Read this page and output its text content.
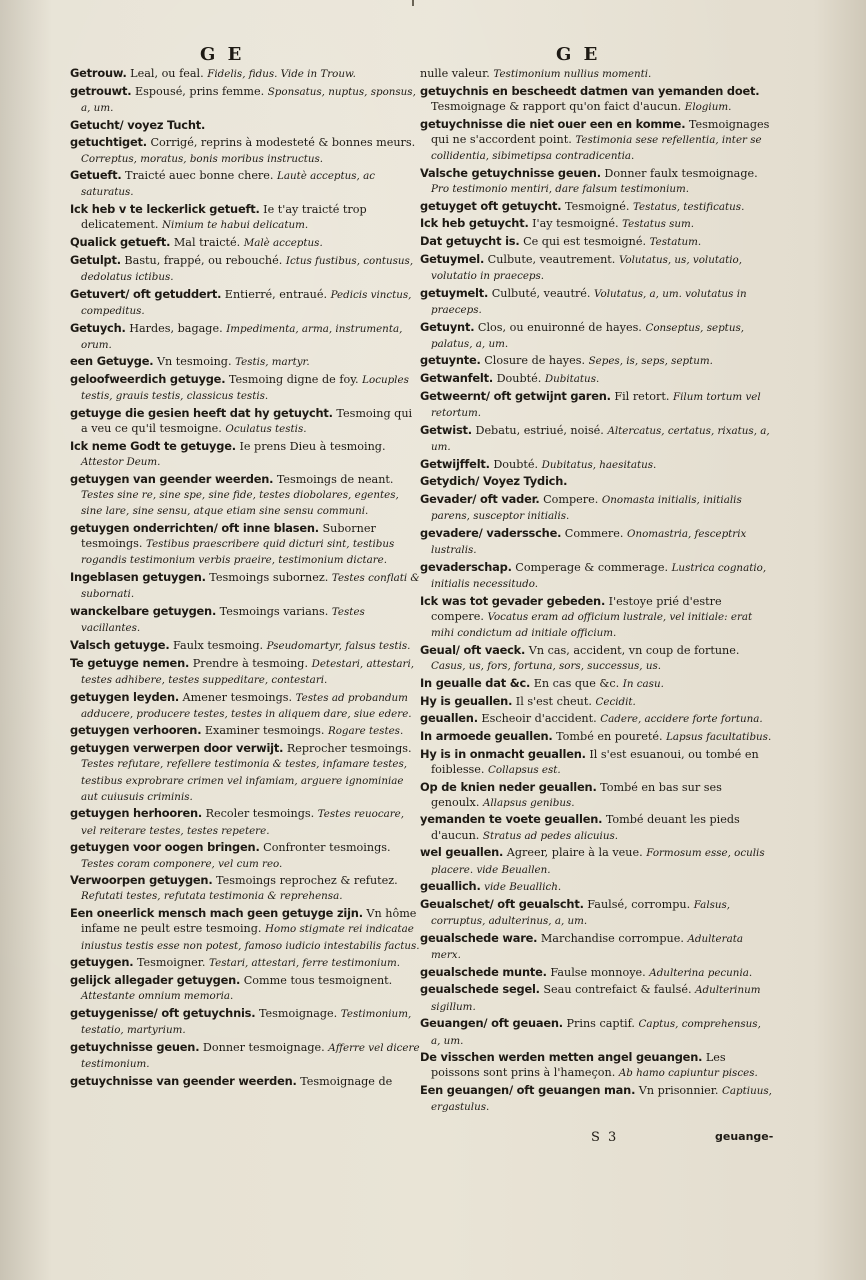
G E	G E
Getrouw. Leal, ou feal. Fidelis, fidus. Vide in Trouw.
getrouwt. Espousé, prins femme. Sponsatus, nuptus, sponsus, a, um.
Getucht/ voyez Tucht.
getuchtiget. Corrigé, reprins à modesteté & bonnes meurs. Correptus, moratus, bonis moribus instructus.
Getueft. Traicté auec bonne chere. Lautè acceptus, ac saturatus.
Ick heb v te leckerlick getueft. Ie t'ay traicté trop delicatement. Nimium te habui delicatum.
Qualick getueft. Mal traicté. Malè acceptus.
Getulpt. Bastu, frappé, ou rebouché. Ictus fustibus, contusus, dedolatus ictibus.
Getuvert/ oft getuddert. Entierré, entraué. Pedicis vinctus, compeditus.
Getuych. Hardes, bagage. Impedimenta, arma, instrumenta, orum.
een Getuyge. Vn tesmoing. Testis, martyr.
geloofweerdich getuyge. Tesmoing digne de foy. Locuples testis, grauis testis, classicus testis.
getuyge die gesien heeft dat hy getuycht. Tesmoing qui a veu ce qu'il tesmoigne. Oculatus testis.
Ick neme Godt te getuyge. Ie prens Dieu à tesmoing. Attestor Deum.
getuygen van geender weerden. Tesmoings de neant. Testes sine re, sine spe, sine fide, testes diobolares, egentes, sine lare, sine sensu, atque etiam sine sensu communi.
getuygen onderrichten/ oft inne blasen. Suborner tesmoings. Testibus praescribere quid dicturi sint, testibus rogandis testimonium verbis praeire, testimonium dictare.
Ingeblasen getuygen. Tesmoings subornez. Testes conflati & subornati.
wanckelbare getuygen. Tesmoings varians. Testes vacillantes.
Valsch getuyge. Faulx tesmoing. Pseudomartyr, falsus testis.
Te getuyge nemen. Prendre à tesmoing. Detestari, attestari, testes adhibere, testes suppeditare, contestari.
getuygen leyden. Amener tesmoings. Testes ad probandum adducere, producere testes, testes in aliquem dare, siue edere.
getuygen verhooren. Examiner tesmoings. Rogare testes.
getuygen verwerpen door verwijt. Reprocher tesmoings. Testes refutare, refellere testimonia & testes, infamare testes, testibus exprobrare crimen vel infamiam, arguere ignominiae aut cuiusuis criminis.
getuygen herhooren. Recoler tesmoings. Testes reuocare, vel reiterare testes, testes repetere.
getuygen voor oogen bringen. Confronter tesmoings. Testes coram componere, vel cum reo.
Verwoorpen getuygen. Tesmoings reprochez & refutez. Refutati testes, refutata testimonia & reprehensa.
Een oneerlick mensch mach geen getuyge zijn. Vn hôme infame ne peult estre tesmoing. Homo stigmate rei indicatae iniustus testis esse non potest, famoso iudicio intestabilis factus.
getuygen. Tesmoigner. Testari, attestari, ferre testimonium.
gelijck allegader getuygen. Comme tous tesmoignent. Attestante omnium memoria.
getuygenisse/ oft getuychnis. Tesmoignage. Testimonium, testatio, martyrium.
getuychnisse geuen. Donner tesmoignage. Afferre vel dicere testimonium.
getuychnisse van geender weerden. Tesmoignage de
nulle valeur. Testimonium nullius momenti.
getuychnis en bescheedt datmen van yemanden doet. Tesmoignage & rapport qu'on faict d'aucun. Elogium.
getuychnisse die niet ouer een en komme. Tesmoignages qui ne s'accordent point. Testimonia sese refellentia, inter se collidentia, sibimetipsa contradicentia.
Valsche getuychnisse geuen. Donner faulx tesmoignage. Pro testimonio mentiri, dare falsum testimonium.
getuyget oft getuycht. Tesmoigné. Testatus, testificatus.
Ick heb getuycht. I'ay tesmoigné. Testatus sum.
Dat getuycht is. Ce qui est tesmoigné. Testatum.
Getuymel. Culbute, veautrement. Volutatus, us, volutatio, volutatio in praeceps.
getuymelt. Culbuté, veautré. Volutatus, a, um. volutatus in praeceps.
Getuynt. Clos, ou enuironné de hayes. Conseptus, septus, palatus, a, um.
getuynte. Closure de hayes. Sepes, is, seps, septum.
Getwanfelt. Doubté. Dubitatus.
Getweernt/ oft getwijnt garen. Fil retort. Filum tortum vel retortum.
Getwist. Debatu, estriué, noisé. Altercatus, certatus, rixatus, a, um.
Getwijffelt. Doubté. Dubitatus, haesitatus.
Getydich/ Voyez Tydich.
Gevader/ oft vader. Compere. Onomasta initialis, initialis parens, susceptor initialis.
gevadere/ vaderssche. Commere. Onomastria, fesceptrix lustralis.
gevaderschap. Comperage & commerage. Lustrica cognatio, initialis necessitudo.
Ick was tot gevader gebeden. I'estoye prié d'estre compere. Vocatus eram ad officium lustrale, vel initiale: erat mihi condictum ad initiale officium.
Geual/ oft vaeck. Vn cas, accident, vn coup de fortune. Casus, us, fors, fortuna, sors, successus, us.
In geualle dat &c. En cas que &c. In casu.
Hy is geuallen. Il s'est cheut. Cecidit.
geuallen. Escheoir d'accident. Cadere, accidere forte fortuna.
In armoede geuallen. Tombé en poureté. Lapsus facultatibus.
Hy is in onmacht geuallen. Il s'est esuanoui, ou tombé en foiblesse. Collapsus est.
Op de knien neder geuallen. Tombé en bas sur ses genoulx. Allapsus genibus.
yemanden te voete geuallen. Tombé deuant les pieds d'aucun. Stratus ad pedes alicuius.
wel geuallen. Agreer, plaire à la veue. Formosum esse, oculis placere. vide Beuallen.
geuallich. vide Beuallich.
Geualschet/ oft geualscht. Faulsé, corrompu. Falsus, corruptus, adulterinus, a, um.
geualschede ware. Marchandise corrompue. Adulterata merx.
geualschede munte. Faulse monnoye. Adulterina pecunia.
geualschede segel. Seau contrefaict & faulsé. Adulterinum sigillum.
Geuangen/ oft geuaen. Prins captif. Captus, comprehensus, a, um.
De visschen werden metten angel geuangen. Les poissons sont prins à l'hameçon. Ab hamo capiuntur pisces.
Een geuangen/ oft geuangen man. Vn prisonnier. Captiuus, ergastulus.
S 3	geuange-
